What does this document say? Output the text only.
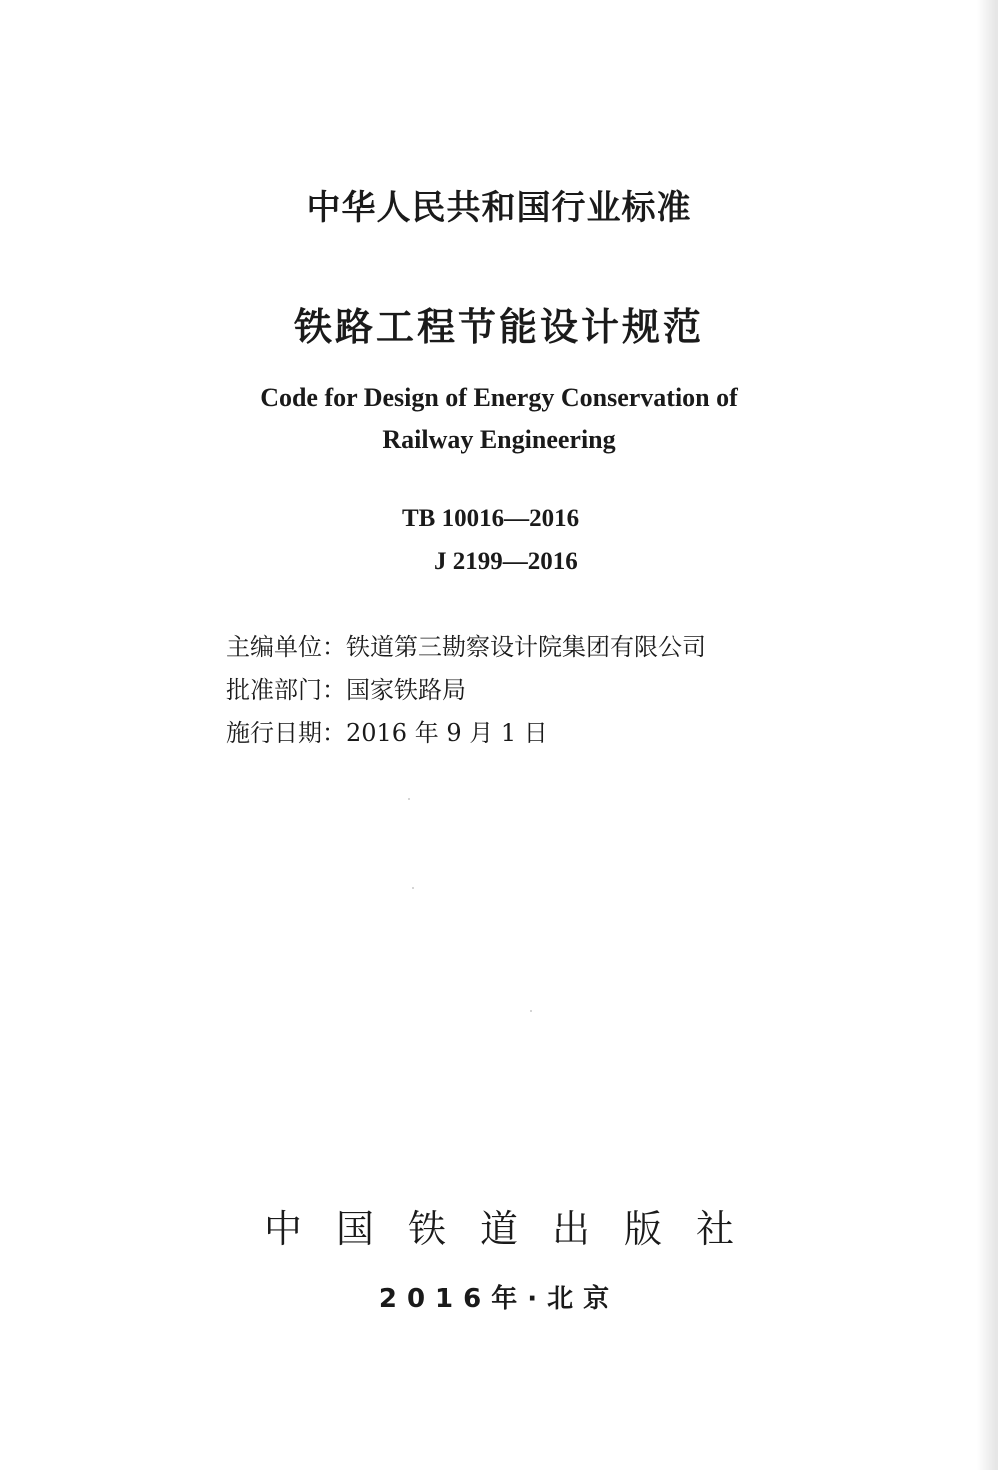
中华人民共和国行业标准
铁路工程节能设计规范
Code for Design of Energy Conservation of
Railway Engineering
TB 10016—2016
J 2199—2016
主编单位：铁道第三勘察设计院集团有限公司
批准部门：国家铁路局
施行日期：2016 年 9 月 1 日
中国铁道出版社
2016年·北京
